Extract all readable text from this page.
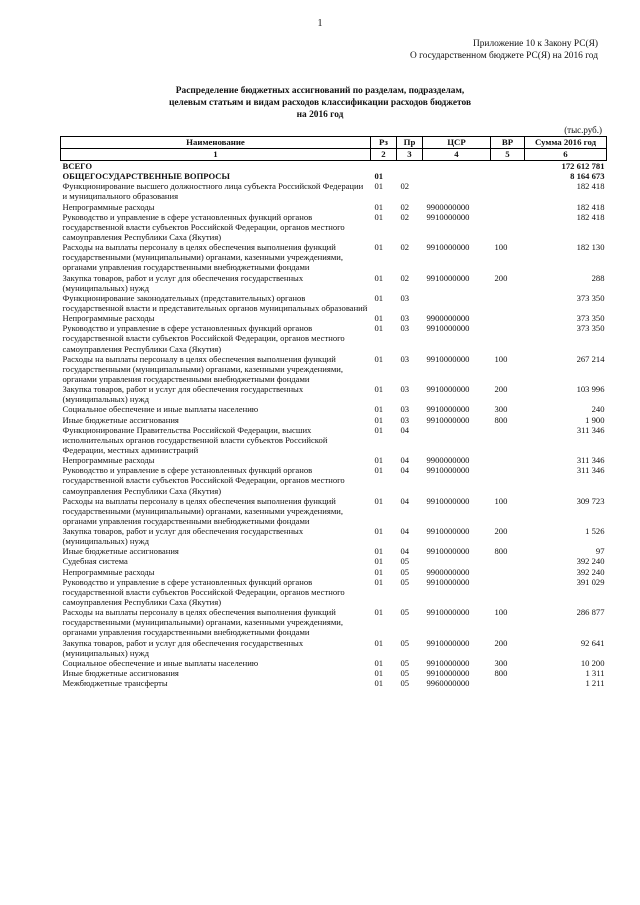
1
Приложение 10 к Закону РС(Я)
О государственном бюджете РС(Я) на 2016 год
Распределение бюджетных ассигнований по разделам, подразделам,
целевым статьям и видам расходов классификации расходов бюджетов
на 2016 год
(тыс.руб.)
Наименование	Рз	Пр	ЦСР	ВР	Сумма 2016 год
1	2	3	4	5	6
ВСЕГО					172 612 781
ОБЩЕГОСУДАРСТВЕННЫЕ ВОПРОСЫ	01				8 164 673
Функционирование высшего должностного лица субъекта Российской Федерации и муниципального образования	01	02			182 418
Непрограммные расходы	01	02	9900000000		182 418
Руководство и управление в сфере установленных функций органов государственной власти субъектов Российской Федерации, органов местного самоуправления Республики Саха (Якутия)	01	02	9910000000		182 418
Расходы на выплаты персоналу в целях обеспечения выполнения функций государственными (муниципальными) органами, казенными учреждениями, органами управления государственными внебюджетными фондами	01	02	9910000000	100	182 130
Закупка товаров, работ и услуг для обеспечения государственных (муниципальных) нужд	01	02	9910000000	200	288
Функционирование законодательных (представительных) органов государственной власти и представительных органов муниципальных образований	01	03			373 350
Непрограммные расходы	01	03	9900000000		373 350
Руководство и управление в сфере установленных функций органов государственной власти субъектов Российской Федерации, органов местного самоуправления Республики Саха (Якутия)	01	03	9910000000		373 350
Расходы на выплаты персоналу в целях обеспечения выполнения функций государственными (муниципальными) органами, казенными учреждениями, органами управления государственными внебюджетными фондами	01	03	9910000000	100	267 214
Закупка товаров, работ и услуг для обеспечения государственных (муниципальных) нужд	01	03	9910000000	200	103 996
Социальное обеспечение и иные выплаты населению	01	03	9910000000	300	240
Иные бюджетные ассигнования	01	03	9910000000	800	1 900
Функционирование Правительства Российской Федерации, высших исполнительных органов государственной власти субъектов Российской Федерации, местных администраций	01	04			311 346
Непрограммные расходы	01	04	9900000000		311 346
Руководство и управление в сфере установленных функций органов государственной власти субъектов Российской Федерации, органов местного самоуправления Республики Саха (Якутия)	01	04	9910000000		311 346
Расходы на выплаты персоналу в целях обеспечения выполнения функций государственными (муниципальными) органами, казенными учреждениями, органами управления государственными внебюджетными фондами	01	04	9910000000	100	309 723
Закупка товаров, работ и услуг для обеспечения государственных (муниципальных) нужд	01	04	9910000000	200	1 526
Иные бюджетные ассигнования	01	04	9910000000	800	97
Судебная система	01	05			392 240
Непрограммные расходы	01	05	9900000000		392 240
Руководство и управление в сфере установленных функций органов государственной власти субъектов Российской Федерации, органов местного самоуправления Республики Саха (Якутия)	01	05	9910000000		391 029
Расходы на выплаты персоналу в целях обеспечения выполнения функций государственными (муниципальными) органами, казенными учреждениями, органами управления государственными внебюджетными фондами	01	05	9910000000	100	286 877
Закупка товаров, работ и услуг для обеспечения государственных (муниципальных) нужд	01	05	9910000000	200	92 641
Социальное обеспечение и иные выплаты населению	01	05	9910000000	300	10 200
Иные бюджетные ассигнования	01	05	9910000000	800	1 311
Межбюджетные трансферты	01	05	9960000000		1 211
